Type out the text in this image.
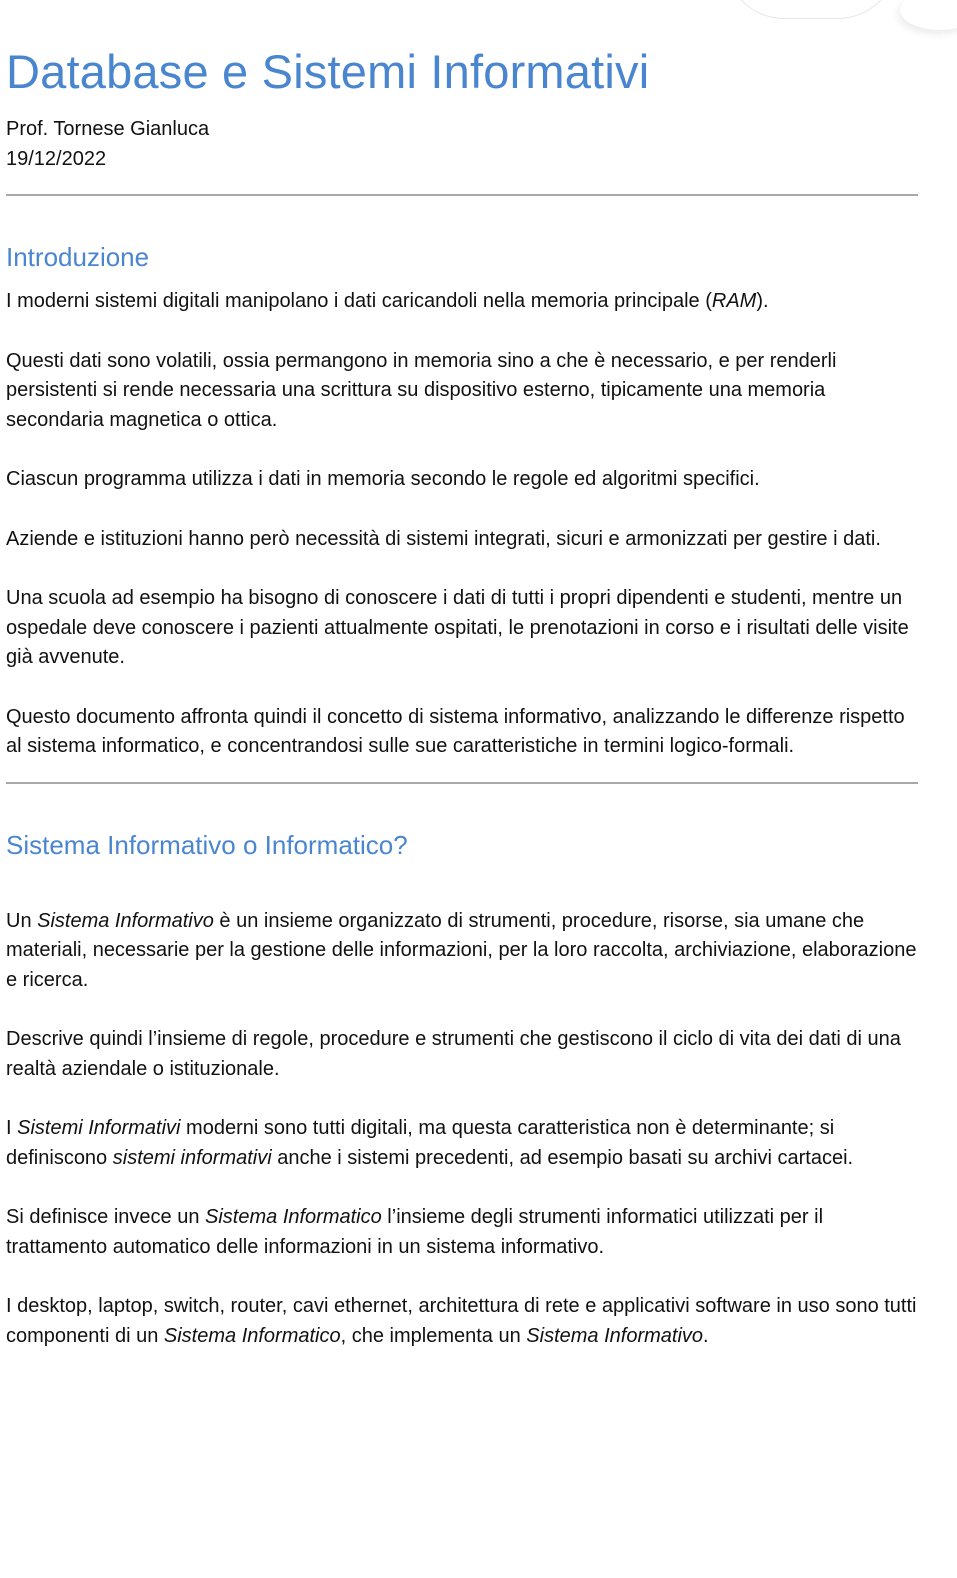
Database e Sistemi Informativi
Prof. Tornese Gianluca
19/12/2022
Introduzione

I moderni sistemi digitali manipolano i dati caricandoli nella memoria principale (RAM).

Questi dati sono volatili, ossia permangono in memoria sino a che è necessario, e per renderli persistenti si rende necessaria una scrittura su dispositivo esterno, tipicamente una memoria secondaria magnetica o ottica.

Ciascun programma utilizza i dati in memoria secondo le regole ed algoritmi specifici.

Aziende e istituzioni hanno però necessità di sistemi integrati, sicuri e armonizzati per gestire i dati.

Una scuola ad esempio ha bisogno di conoscere i dati di tutti i propri dipendenti e studenti, mentre un ospedale deve conoscere i pazienti attualmente ospitati, le prenotazioni in corso e i risultati delle visite già avvenute.

Questo documento affronta quindi il concetto di sistema informativo, analizzando le differenze rispetto al sistema informatico, e concentrandosi sulle sue caratteristiche in termini logico-formali.

Sistema Informativo o Informatico?

Un Sistema Informativo è un insieme organizzato di strumenti, procedure, risorse, sia umane che materiali, necessarie per la gestione delle informazioni, per la loro raccolta, archiviazione, elaborazione e ricerca.

Descrive quindi l’insieme di regole, procedure e strumenti che gestiscono il ciclo di vita dei dati di una realtà aziendale o istituzionale.

I Sistemi Informativi moderni sono tutti digitali, ma questa caratteristica non è determinante; si definiscono sistemi informativi anche i sistemi precedenti, ad esempio basati su archivi cartacei.

Si definisce invece un Sistema Informatico l’insieme degli strumenti informatici utilizzati per il trattamento automatico delle informazioni in un sistema informativo.

I desktop, laptop, switch, router, cavi ethernet, architettura di rete e applicativi software in uso sono tutti componenti di un Sistema Informatico, che implementa un Sistema Informativo.
